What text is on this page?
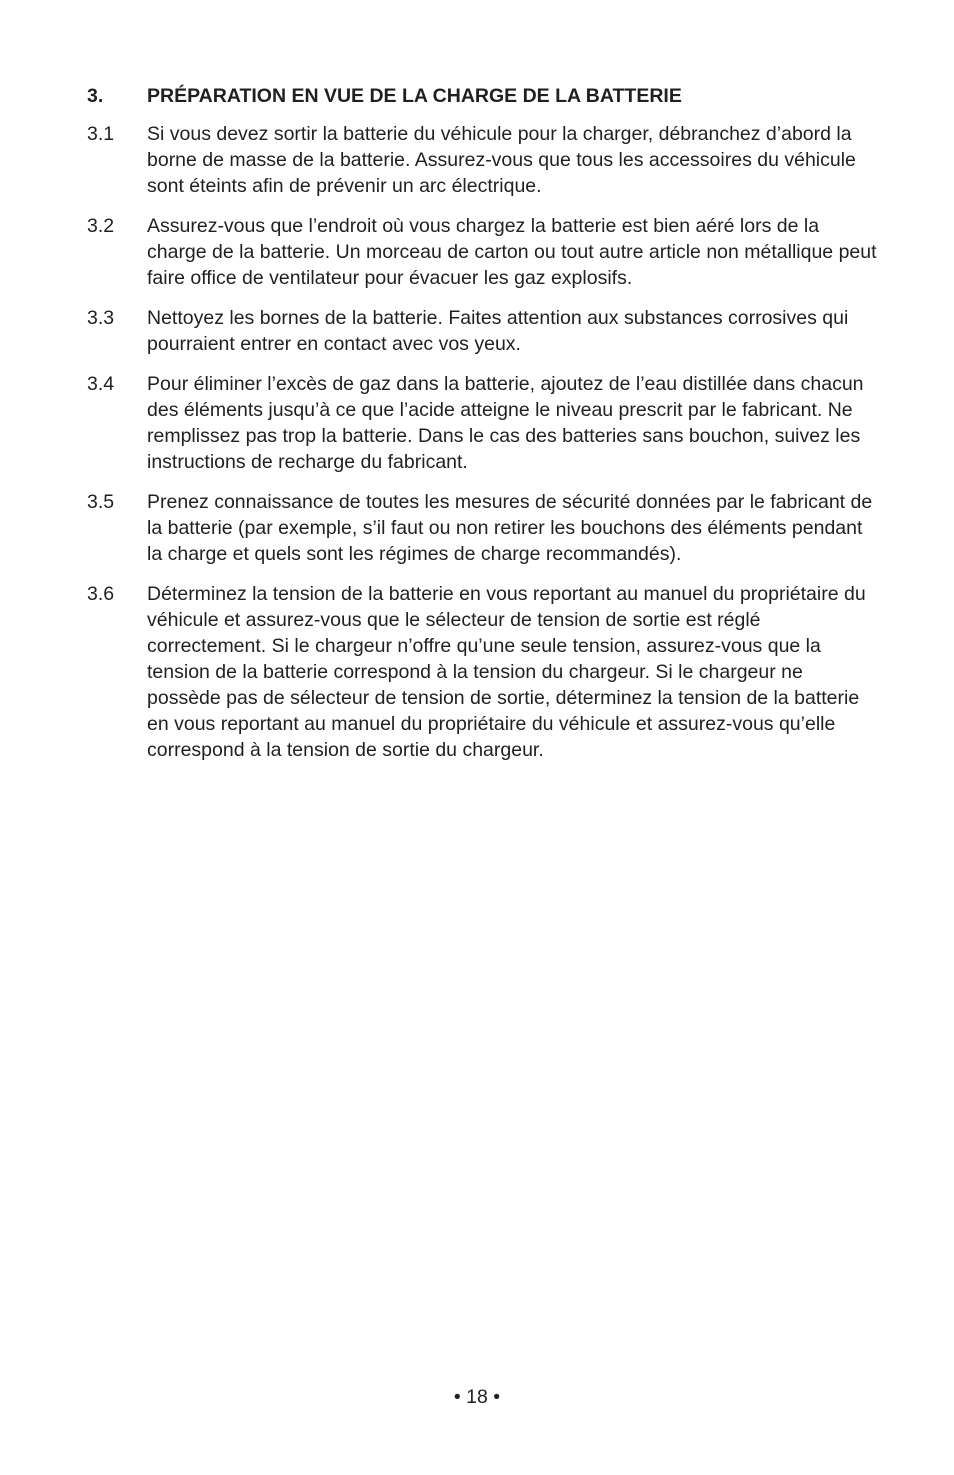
3.	PRÉPARATION EN VUE DE LA CHARGE DE LA BATTERIE
3.1	Si vous devez sortir la batterie du véhicule pour la charger, débranchez d’abord la borne de masse de la batterie. Assurez-vous que tous les accessoires du véhicule sont éteints afin de prévenir un arc électrique.
3.2	Assurez-vous que l’endroit où vous chargez la batterie est bien aéré lors de la charge de la batterie. Un morceau de carton ou tout autre article non métallique peut faire office de ventilateur pour évacuer les gaz explosifs.
3.3	Nettoyez les bornes de la batterie. Faites attention aux substances corrosives qui pourraient entrer en contact avec vos yeux.
3.4	Pour éliminer l’excès de gaz dans la batterie, ajoutez de l’eau distillée dans chacun des éléments jusqu’à ce que l’acide atteigne le niveau prescrit par le fabricant. Ne remplissez pas trop la batterie. Dans le cas des batteries sans bouchon, suivez les instructions de recharge du fabricant.
3.5	Prenez connaissance de toutes les mesures de sécurité données par le fabricant de la batterie (par exemple, s’il faut ou non retirer les bouchons des éléments pendant la charge et quels sont les régimes de charge recommandés).
3.6	Déterminez la tension de la batterie en vous reportant au manuel du propriétaire du véhicule et assurez-vous que le sélecteur de tension de sortie est réglé correctement. Si le chargeur n’offre qu’une seule tension, assurez-vous que la tension de la batterie correspond à la tension du chargeur. Si le chargeur ne possède pas de sélecteur de tension de sortie, déterminez la tension de la batterie en vous reportant au manuel du propriétaire du véhicule et assurez-vous qu’elle correspond à la tension de sortie du chargeur.
• 18 •
